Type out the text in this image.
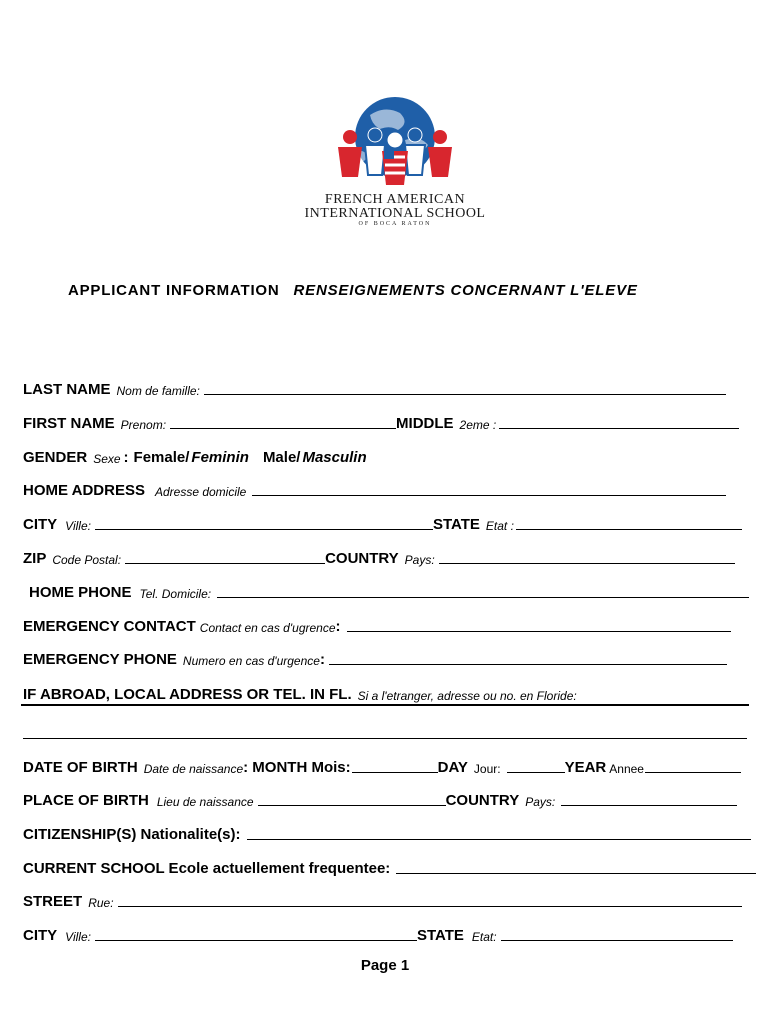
FRENCH AMERICAN
INTERNATIONAL SCHOOL
OF BOCA RATON
APPLICANT INFORMATION RENSEIGNEMENTS CONCERNANT L'ELEVE
LAST NAME Nom de famille:
FIRST NAME Prenom:	MIDDLE 2eme :
GENDER Sexe : Female/ Feminin Male/ Masculin
HOME ADDRESS Adresse domicile
CITY Ville:	STATE Etat :
ZIP Code Postal:	COUNTRY Pays:
HOME PHONE Tel. Domicile:
EMERGENCY CONTACT Contact en cas d'ugrence :
EMERGENCY PHONE Numero en cas d'urgence :
IF ABROAD, LOCAL ADDRESS OR TEL. IN FL. Si a l'etranger, adresse ou no. en Floride:
DATE OF BIRTH Date de naissance : MONTH Mois:	DAY Jour:	YEAR Annee
PLACE OF BIRTH Lieu de naissance	COUNTRY Pays:
CITIZENSHIP(S) Nationalite(s):
CURRENT SCHOOL Ecole actuellement frequentee:
STREET Rue:
CITY Ville:	STATE Etat:
Page 1
